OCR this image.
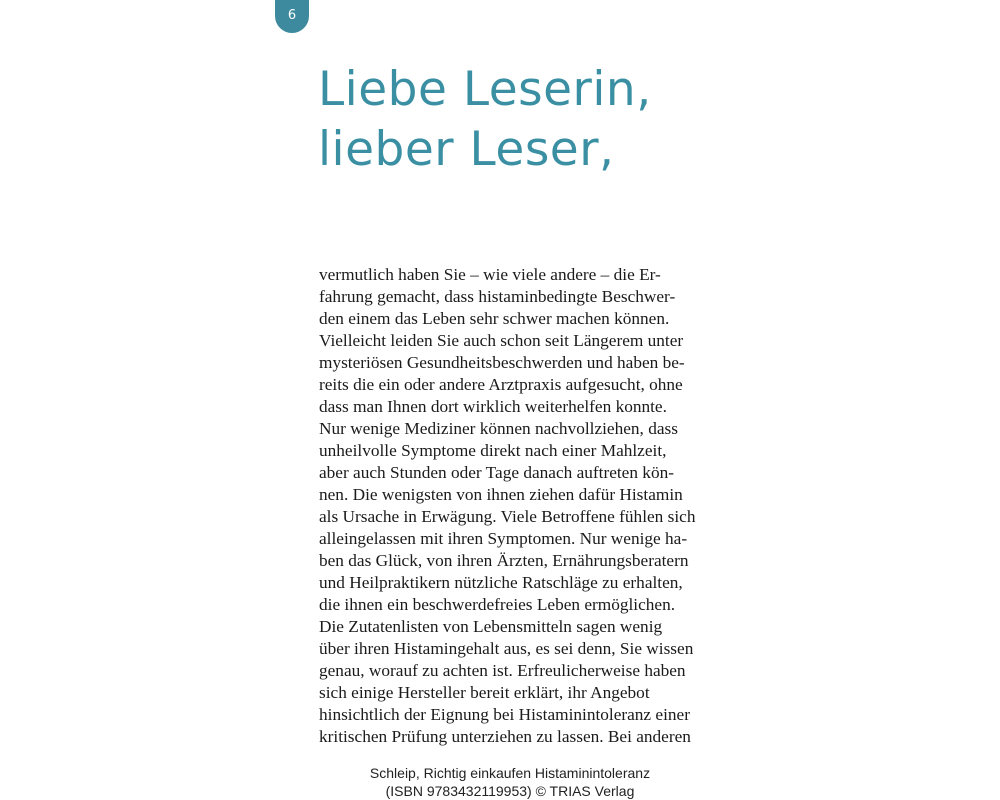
6
Liebe Leserin,
lieber Leser,
vermutlich haben Sie – wie viele andere – die Er-
fahrung gemacht, dass histaminbedingte Beschwer-
den einem das Leben sehr schwer machen können.
Vielleicht leiden Sie auch schon seit Längerem unter
mysteriösen Gesundheitsbeschwerden und haben be-
reits die ein oder andere Arztpraxis aufgesucht, ohne
dass man Ihnen dort wirklich weiterhelfen konnte.
Nur wenige Mediziner können nachvollziehen, dass
unheilvolle Symptome direkt nach einer Mahlzeit,
aber auch Stunden oder Tage danach auftreten kön-
nen. Die wenigsten von ihnen ziehen dafür Histamin
als Ursache in Erwägung. Viele Betroffene fühlen sich
alleingelassen mit ihren Symptomen. Nur wenige ha-
ben das Glück, von ihren Ärzten, Ernährungsberatern
und Heilpraktikern nützliche Ratschläge zu erhalten,
die ihnen ein beschwerdefreies Leben ermöglichen.
Die Zutatenlisten von Lebensmitteln sagen wenig
über ihren Histamingehalt aus, es sei denn, Sie wissen
genau, worauf zu achten ist. Erfreulicherweise haben
sich einige Hersteller bereit erklärt, ihr Angebot
hinsichtlich der Eignung bei Histaminintoleranz einer
kritischen Prüfung unterziehen zu lassen. Bei anderen
Schleip, Richtig einkaufen Histaminintoleranz
(ISBN 9783432119953) © TRIAS Verlag
